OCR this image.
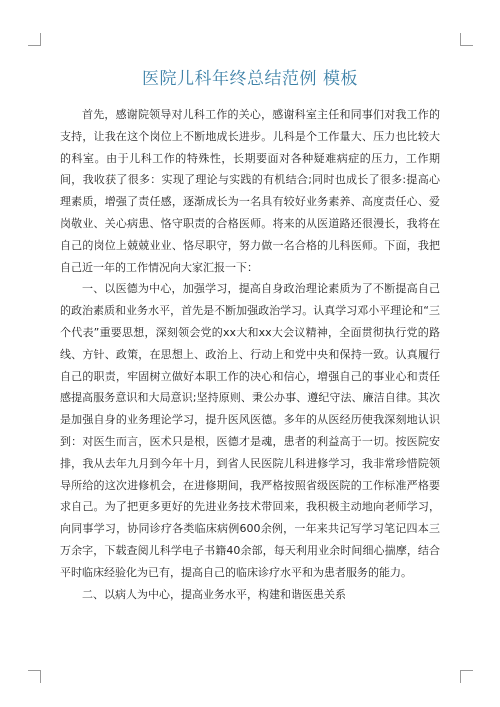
医院儿科年终总结范例 模板

首先，感谢院领导对儿科工作的关心，感谢科室主任和同事们对我工作的支持，让我在这个岗位上不断地成长进步。儿科是个工作量大、压力也比较大的科室。由于儿科工作的特殊性，长期要面对各种疑难病症的压力，工作期间，我收获了很多：实现了理论与实践的有机结合;同时也成长了很多:提高心理素质，增强了责任感，逐渐成长为一名具有较好业务素养、高度责任心、爱岗敬业、关心病患、恪守职责的合格医师。将来的从医道路还很漫长，我将在自己的岗位上兢兢业业、恪尽职守，努力做一名合格的儿科医师。下面，我把自己近一年的工作情况向大家汇报一下：

一、以医德为中心，加强学习，提高自身政治理论素质为了不断提高自己的政治素质和业务水平，首先是不断加强政治学习。认真学习邓小平理论和“三个代表”重要思想，深刻领会党的xx大和xx大会议精神，全面贯彻执行党的路线、方针、政策，在思想上、政治上、行动上和党中央和保持一致。认真履行自己的职责，牢固树立做好本职工作的决心和信心，增强自己的事业心和责任感提高服务意识和大局意识;坚持原则、秉公办事、遵纪守法、廉洁自律。其次是加强自身的业务理论学习，提升医风医德。多年的从医经历使我深刻地认识到：对医生而言，医术只是根，医德才是魂，患者的利益高于一切。按医院安排，我从去年九月到今年十月，到省人民医院儿科进修学习，我非常珍惜院领导所给的这次进修机会，在进修期间，我严格按照省级医院的工作标准严格要求自己。为了把更多更好的先进业务技术带回来，我积极主动地向老师学习，向同事学习，协同诊疗各类临床病例600余例，一年来共记写学习笔记四本三万余字，下载查阅儿科学电子书籍40余部，每天利用业余时间细心揣摩，结合平时临床经验化为已有，提高自己的临床诊疗水平和为患者服务的能力。

二、以病人为中心，提高业务水平，构建和谐医患关系
